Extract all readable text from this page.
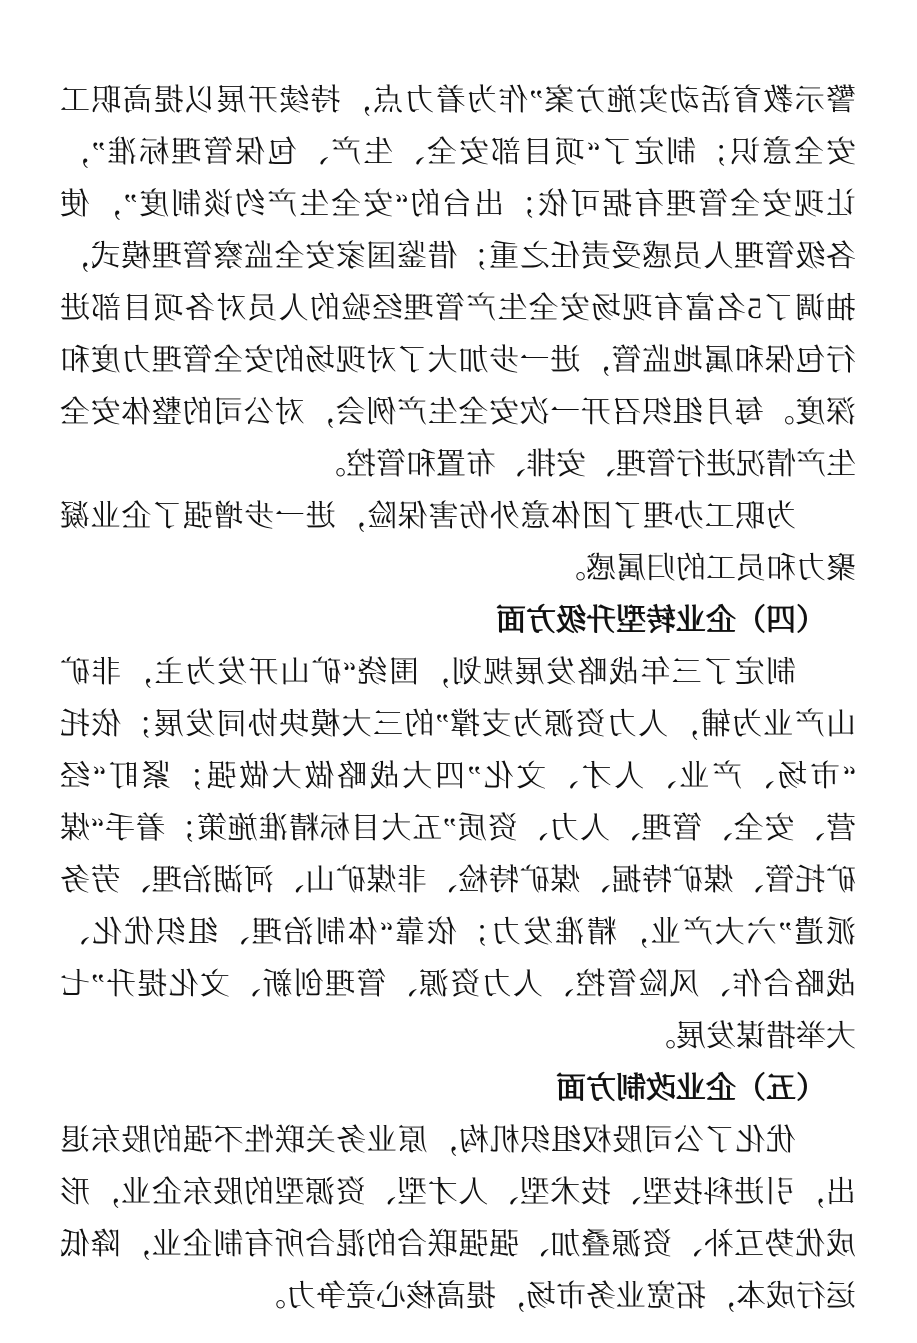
警示教育活动实施方案”作为着力点，持续开展以提高职工
安全意识；制定了“项目部安全、生产、包保管理标准”，
让现安全管理有据可依；出台的“安全生产约谈制度”，使
各级管理人员感受责任之重；借鉴国家安全监察管理模式，
抽调了5名富有现场安全生产管理经验的人员对各项目部进
行包保和属地监管，进一步加大了对现场的安全管理力度和
深度。每月组织召开一次安全生产例会，对公司的整体安全
生产情况进行管理、安排、布置和管控。
为职工办理了团体意外伤害保险，进一步增强了企业凝
聚力和员工的归属感。
（四）企业转型升级方面
制定了三年战略发展规划，围绕“矿山开发为主，非矿
山产业为辅，人力资源为支撑”的三大模块协同发展；依托
“市场、产业、人才、文化”四大战略做大做强；紧盯“经
营、安全、管理、人力、资质”五大目标精准施策；着手“煤
矿托管、煤矿特掘、煤矿特检、非煤矿山、河湖治理、劳务
派遣”六大产业，精准发力；依靠“体制治理、组织优化、
战略合作、风险管控、人力资源、管理创新、文化提升”七
大举措谋发展。
（五）企业改制方面
优化了公司股权组织机构，原业务关联性不强的股东退
出，引进科技型、技术型、人才型、资源型的股东企业，形
成优势互补、资源叠加、强强联合的混合所有制企业，降低
运行成本，拓宽业务市场，提高核心竞争力。
